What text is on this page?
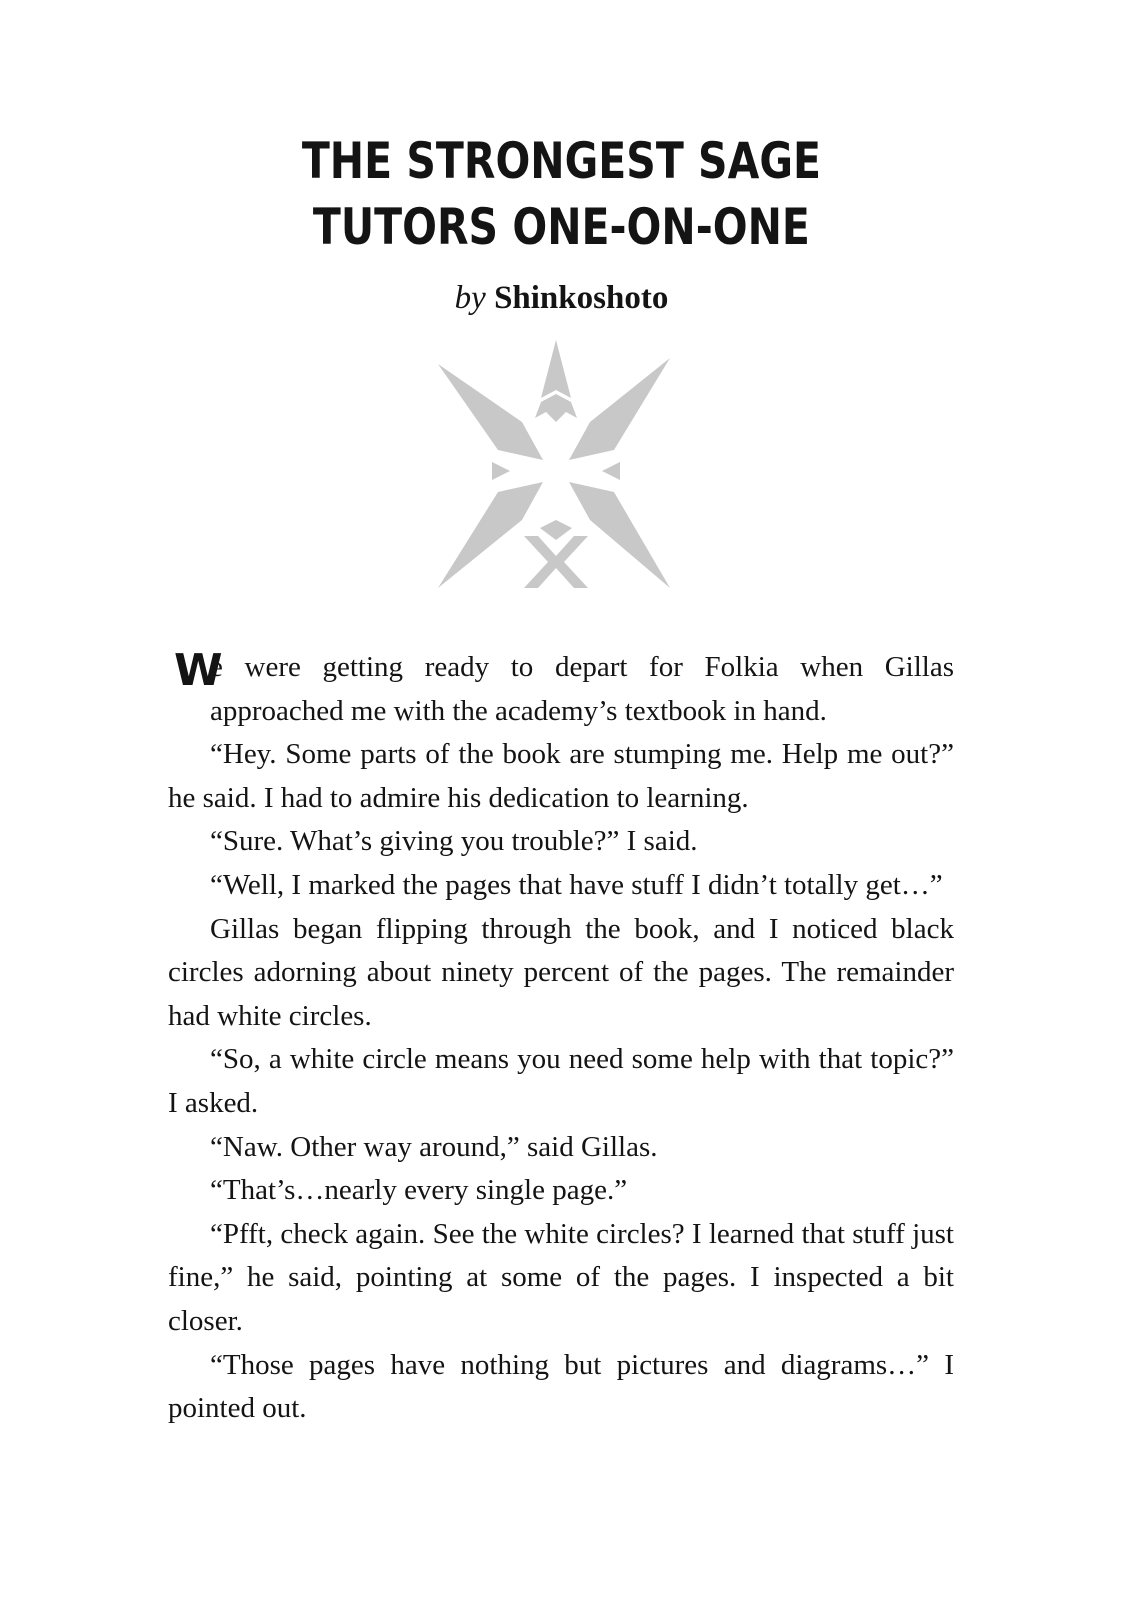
THE STRONGEST SAGE
TUTORS ONE-ON-ONE
by Shinkoshoto

W
e were getting ready to depart for Folkia when Gillas approached me with the academy’s textbook in hand.

“Hey. Some parts of the book are stumping me. Help me out?” he said. I had to admire his dedication to learning.

“Sure. What’s giving you trouble?” I said.

“Well, I marked the pages that have stuff I didn’t totally get…”

Gillas began flipping through the book, and I noticed black circles adorning about ninety percent of the pages. The remainder had white circles.

“So, a white circle means you need some help with that topic?” I asked.

“Naw. Other way around,” said Gillas.

“That’s…nearly every single page.”

“Pfft, check again. See the white circles? I learned that stuff just fine,” he said, pointing at some of the pages. I inspected a bit closer.

“Those pages have nothing but pictures and diagrams…” I pointed out.
